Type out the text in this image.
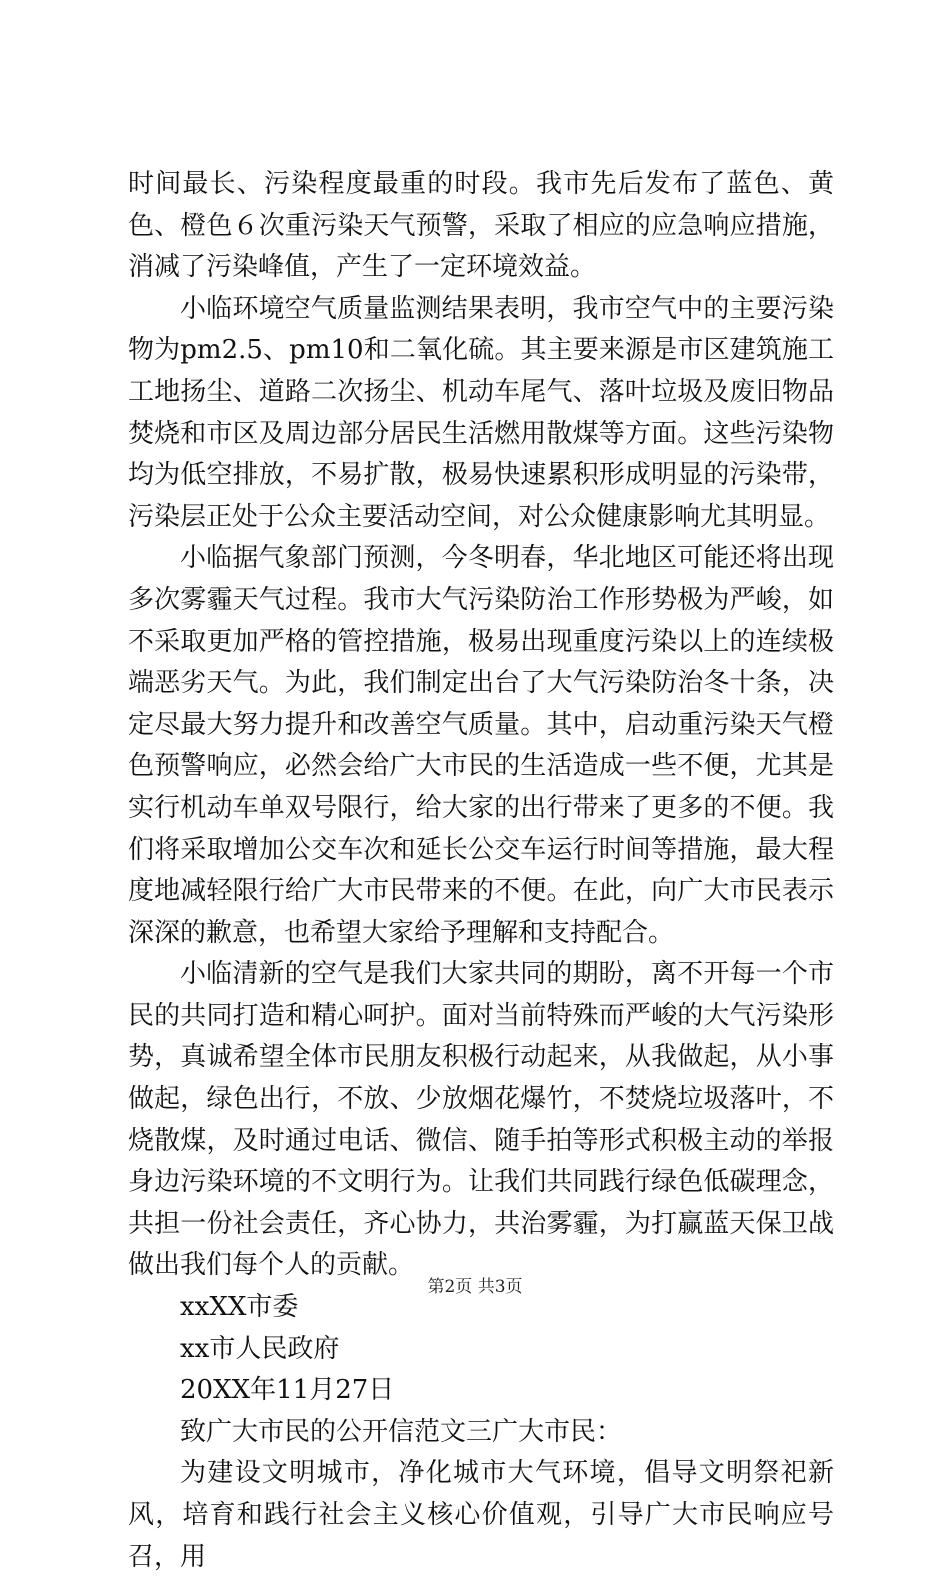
时间最长、污染程度最重的时段。我市先后发布了蓝色、黄色、橙色６次重污染天气预警，采取了相应的应急响应措施，消减了污染峰值，产生了一定环境效益。

小临环境空气质量监测结果表明，我市空气中的主要污染物为pm2.5、pm10和二氧化硫。其主要来源是市区建筑施工工地扬尘、道路二次扬尘、机动车尾气、落叶垃圾及废旧物品焚烧和市区及周边部分居民生活燃用散煤等方面。这些污染物均为低空排放，不易扩散，极易快速累积形成明显的污染带，污染层正处于公众主要活动空间，对公众健康影响尤其明显。

小临据气象部门预测，今冬明春，华北地区可能还将出现多次雾霾天气过程。我市大气污染防治工作形势极为严峻，如不采取更加严格的管控措施，极易出现重度污染以上的连续极端恶劣天气。为此，我们制定出台了大气污染防治冬十条，决定尽最大努力提升和改善空气质量。其中，启动重污染天气橙色预警响应，必然会给广大市民的生活造成一些不便，尤其是实行机动车单双号限行，给大家的出行带来了更多的不便。我们将采取增加公交车次和延长公交车运行时间等措施，最大程度地减轻限行给广大市民带来的不便。在此，向广大市民表示深深的歉意，也希望大家给予理解和支持配合。

小临清新的空气是我们大家共同的期盼，离不开每一个市民的共同打造和精心呵护。面对当前特殊而严峻的大气污染形势，真诚希望全体市民朋友积极行动起来，从我做起，从小事做起，绿色出行，不放、少放烟花爆竹，不焚烧垃圾落叶，不烧散煤，及时通过电话、微信、随手拍等形式积极主动的举报身边污染环境的不文明行为。让我们共同践行绿色低碳理念，共担一份社会责任，齐心协力，共治雾霾，为打赢蓝天保卫战做出我们每个人的贡献。

xxXX市委

xx市人民政府

20XX年11月27日

致广大市民的公开信范文三广大市民：

为建设文明城市，净化城市大气环境，倡导文明祭祀新风，培育和践行社会主义核心价值观，引导广大市民响应号召，用

第2页 共3页
